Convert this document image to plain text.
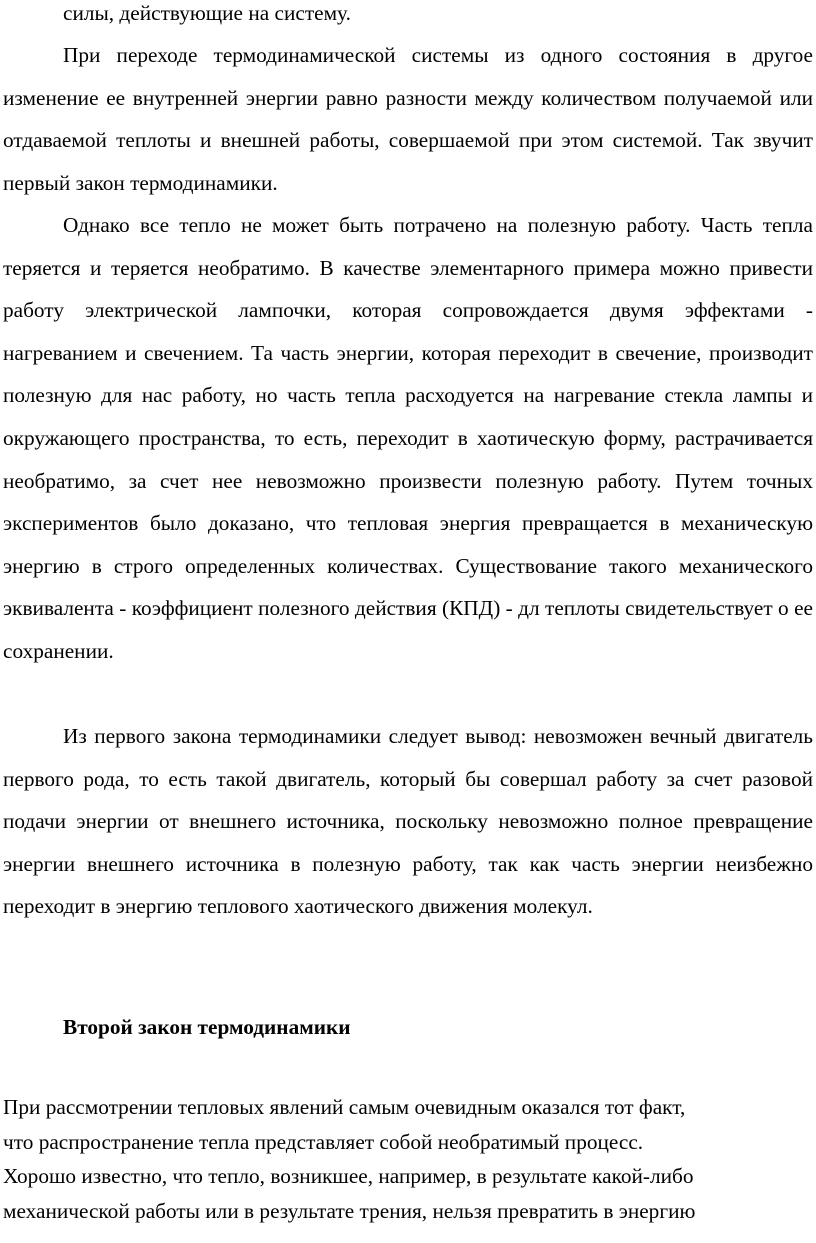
силы, действующие на систему.

При переходе термодинамической системы из одного состояния в другое изменение ее внутренней энергии равно разности между количеством получаемой или отдаваемой теплоты и внешней работы, совершаемой при этом системой. Так звучит первый закон термодинамики.

Однако все тепло не может быть потрачено на полезную работу. Часть тепла теряется и теряется необратимо. В качестве элементарного примера можно привести работу электрической лампочки, которая сопровождается двумя эффектами - нагреванием и свечением. Та часть энергии, которая переходит в свечение, производит полезную для нас работу, но часть тепла расходуется на нагревание стекла лампы и окружающего пространства, то есть, переходит в хаотическую форму, растрачивается необратимо, за счет нее невозможно произвести полезную работу. Путем точных экспериментов было доказано, что тепловая энергия превращается в механическую энергию в строго определенных количествах. Существование такого механического эквивалента - коэффициент полезного действия (КПД) - дл теплоты свидетельствует о ее сохранении.

Из первого закона термодинамики следует вывод: невозможен вечный двигатель первого рода, то есть такой двигатель, который бы совершал работу за счет разовой подачи энергии от внешнего источника, поскольку невозможно полное превращение энергии внешнего источника в полезную работу, так как часть энергии неизбежно переходит в энергию теплового хаотического движения молекул.

Второй закон термодинамики
При рассмотрении тепловых явлений самым очевидным оказался тот факт,
что распространение тепла представляет собой необратимый процесс.
Хорошо известно, что тепло, возникшее, например, в результате какой-либо
механической работы или в результате трения, нельзя превратить в энергию
